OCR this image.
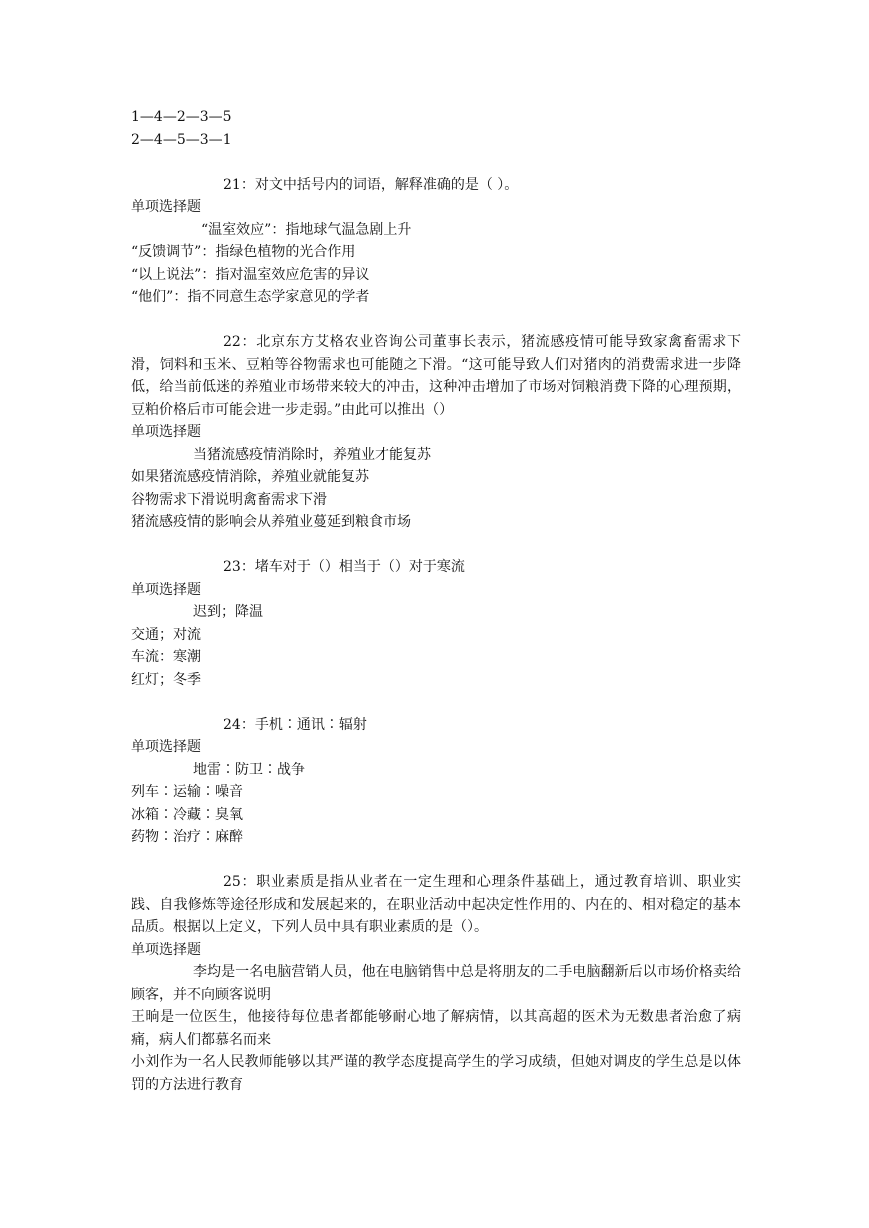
1—4—2—3—5
2—4—5—3—1
21：对文中括号内的词语，解释准确的是（ ）。
单项选择题
“温室效应”：指地球气温急剧上升
“反馈调节”：指绿色植物的光合作用
“以上说法”：指对温室效应危害的异议
“他们”：指不同意生态学家意见的学者
22：北京东方艾格农业咨询公司董事长表示，猪流感疫情可能导致家禽畜需求下滑，饲料和玉米、豆粕等谷物需求也可能随之下滑。“这可能导致人们对猪肉的消费需求进一步降低，给当前低迷的养殖业市场带来较大的冲击，这种冲击增加了市场对饲粮消费下降的心理预期，豆粕价格后市可能会进一步走弱。”由此可以推出（）
单项选择题
当猪流感疫情消除时，养殖业才能复苏
如果猪流感疫情消除，养殖业就能复苏
谷物需求下滑说明禽畜需求下滑
猪流感疫情的影响会从养殖业蔓延到粮食市场
23：堵车对于（）相当于（）对于寒流
单项选择题
迟到；降温
交通；对流
车流：寒潮
红灯；冬季
24：手机∶通讯∶辐射
单项选择题
地雷∶防卫∶战争
列车∶运输∶噪音
冰箱∶冷藏∶臭氧
药物∶治疗∶麻醉
25：职业素质是指从业者在一定生理和心理条件基础上，通过教育培训、职业实践、自我修炼等途径形成和发展起来的，在职业活动中起决定性作用的、内在的、相对稳定的基本品质。根据以上定义，下列人员中具有职业素质的是（）。
单项选择题
李均是一名电脑营销人员，他在电脑销售中总是将朋友的二手电脑翻新后以市场价格卖给顾客，并不向顾客说明
王晌是一位医生，他接待每位患者都能够耐心地了解病情，以其高超的医术为无数患者治愈了病痛，病人们都慕名而来
小刘作为一名人民教师能够以其严谨的教学态度提高学生的学习成绩，但她对调皮的学生总是以体罚的方法进行教育
